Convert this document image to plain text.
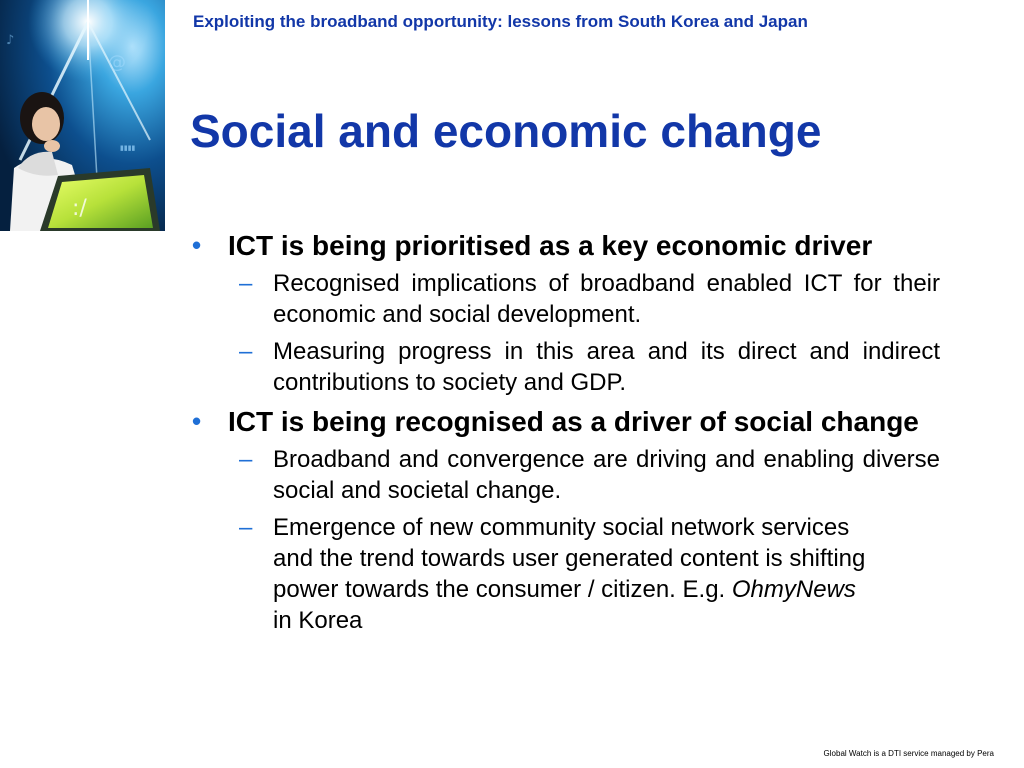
♪
@
▮▮▮▮
:/
Exploiting the broadband opportunity: lessons from South Korea and Japan
Social and economic change
• ICT is being prioritised as a key economic driver
– Recognised implications of broadband enabled ICT for their economic and social development.
– Measuring progress in this area and its direct and indirect contributions to society and GDP.
• ICT is being recognised as a driver of social change
– Broadband and convergence are driving and enabling diverse social and societal change.
– Emergence of new community social network services and the trend towards user generated content is shifting power towards the consumer / citizen. E.g. OhmyNews in Korea
Global Watch is a DTI service managed by Pera
